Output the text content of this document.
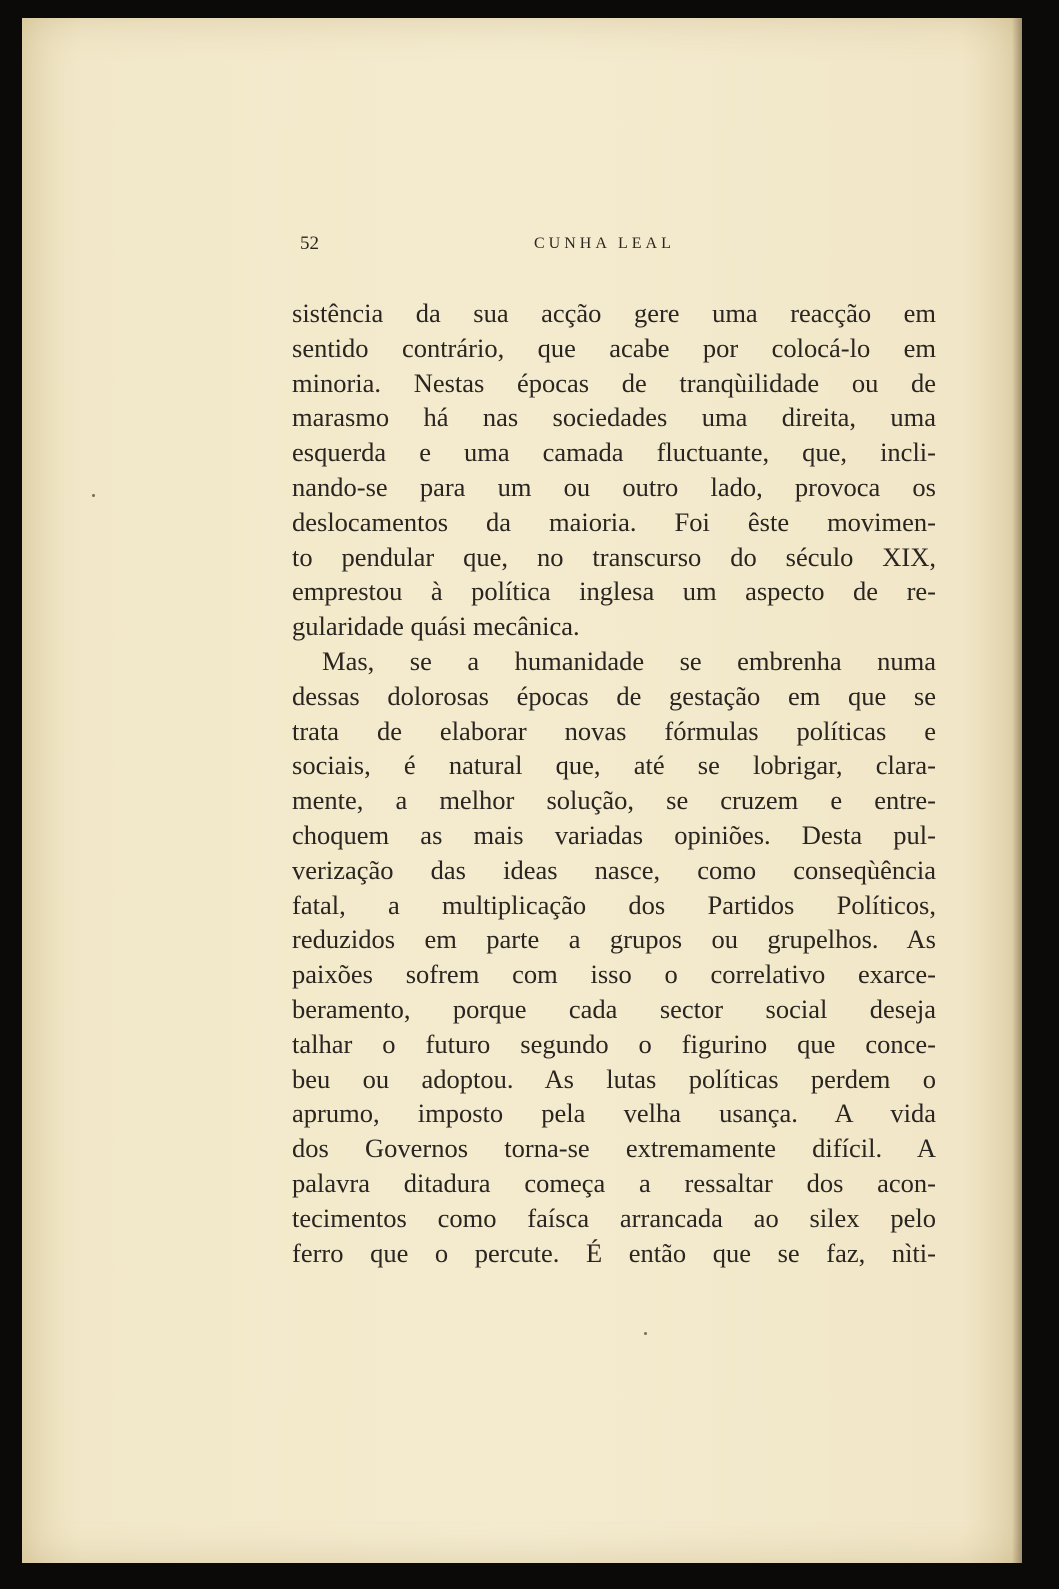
52	CUNHA LEAL
sistência da sua acção gere uma reacção em
sentido contrário, que acabe por colocá-lo em
minoria. Nestas épocas de tranqùilidade ou de
marasmo há nas sociedades uma direita, uma
esquerda e uma camada fluctuante, que, incli-
nando-se para um ou outro lado, provoca os
deslocamentos da maioria. Foi êste movimen-
to pendular que, no transcurso do século XIX,
emprestou à política inglesa um aspecto de re-
gularidade quási mecânica.
Mas, se a humanidade se embrenha numa
dessas dolorosas épocas de gestação em que se
trata de elaborar novas fórmulas políticas e
sociais, é natural que, até se lobrigar, clara-
mente, a melhor solução, se cruzem e entre-
choquem as mais variadas opiniões. Desta pul-
verização das ideas nasce, como conseqùência
fatal, a multiplicação dos Partidos Políticos,
reduzidos em parte a grupos ou grupelhos. As
paixões sofrem com isso o correlativo exarce-
beramento, porque cada sector social deseja
talhar o futuro segundo o figurino que conce-
beu ou adoptou. As lutas políticas perdem o
aprumo, imposto pela velha usança. A vida
dos Governos torna-se extremamente difícil. A
palavra ditadura começa a ressaltar dos acon-
tecimentos como faísca arrancada ao silex pelo
ferro que o percute. É então que se faz, nìti-
